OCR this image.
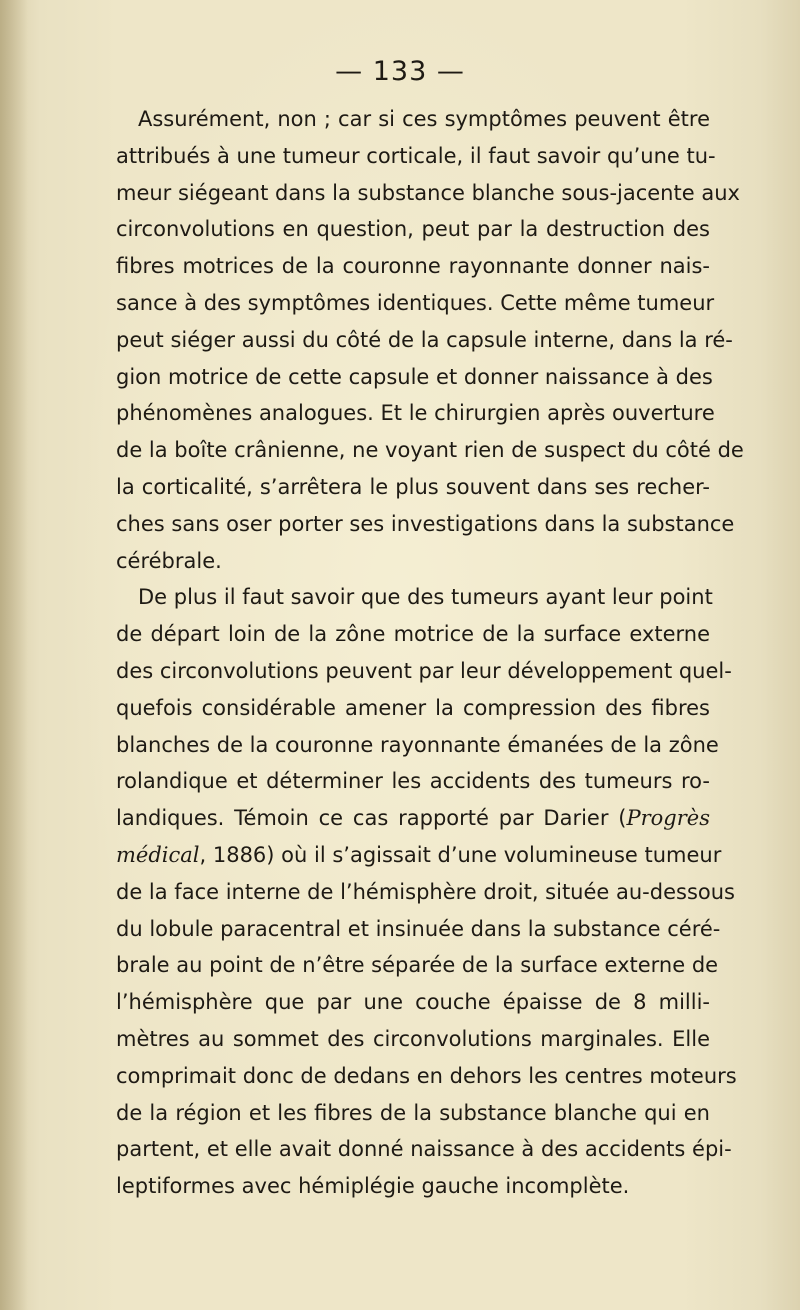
— 133 —
Assurément, non ; car si ces symptômes peuvent être
attribués à une tumeur corticale, il faut savoir qu’une tu-
meur siégeant dans la substance blanche sous-jacente aux
circonvolutions en question, peut par la destruction des
fibres motrices de la couronne rayonnante donner nais-
sance à des symptômes identiques. Cette même tumeur
peut siéger aussi du côté de la capsule interne, dans la ré-
gion motrice de cette capsule et donner naissance à des
phénomènes analogues. Et le chirurgien après ouverture
de la boîte crânienne, ne voyant rien de suspect du côté de
la corticalité, s’arrêtera le plus souvent dans ses recher-
ches sans oser porter ses investigations dans la substance
cérébrale.
De plus il faut savoir que des tumeurs ayant leur point
de départ loin de la zône motrice de la surface externe
des circonvolutions peuvent par leur développement quel-
quefois considérable amener la compression des fibres
blanches de la couronne rayonnante émanées de la zône
rolandique et déterminer les accidents des tumeurs ro-
landiques. Témoin ce cas rapporté par Darier (Progrès
médical, 1886) où il s’agissait d’une volumineuse tumeur
de la face interne de l’hémisphère droit, située au-dessous
du lobule paracentral et insinuée dans la substance céré-
brale au point de n’être séparée de la surface externe de
l’hémisphère que par une couche épaisse de 8 milli-
mètres au sommet des circonvolutions marginales. Elle
comprimait donc de dedans en dehors les centres moteurs
de la région et les fibres de la substance blanche qui en
partent, et elle avait donné naissance à des accidents épi-
leptiformes avec hémiplégie gauche incomplète.
